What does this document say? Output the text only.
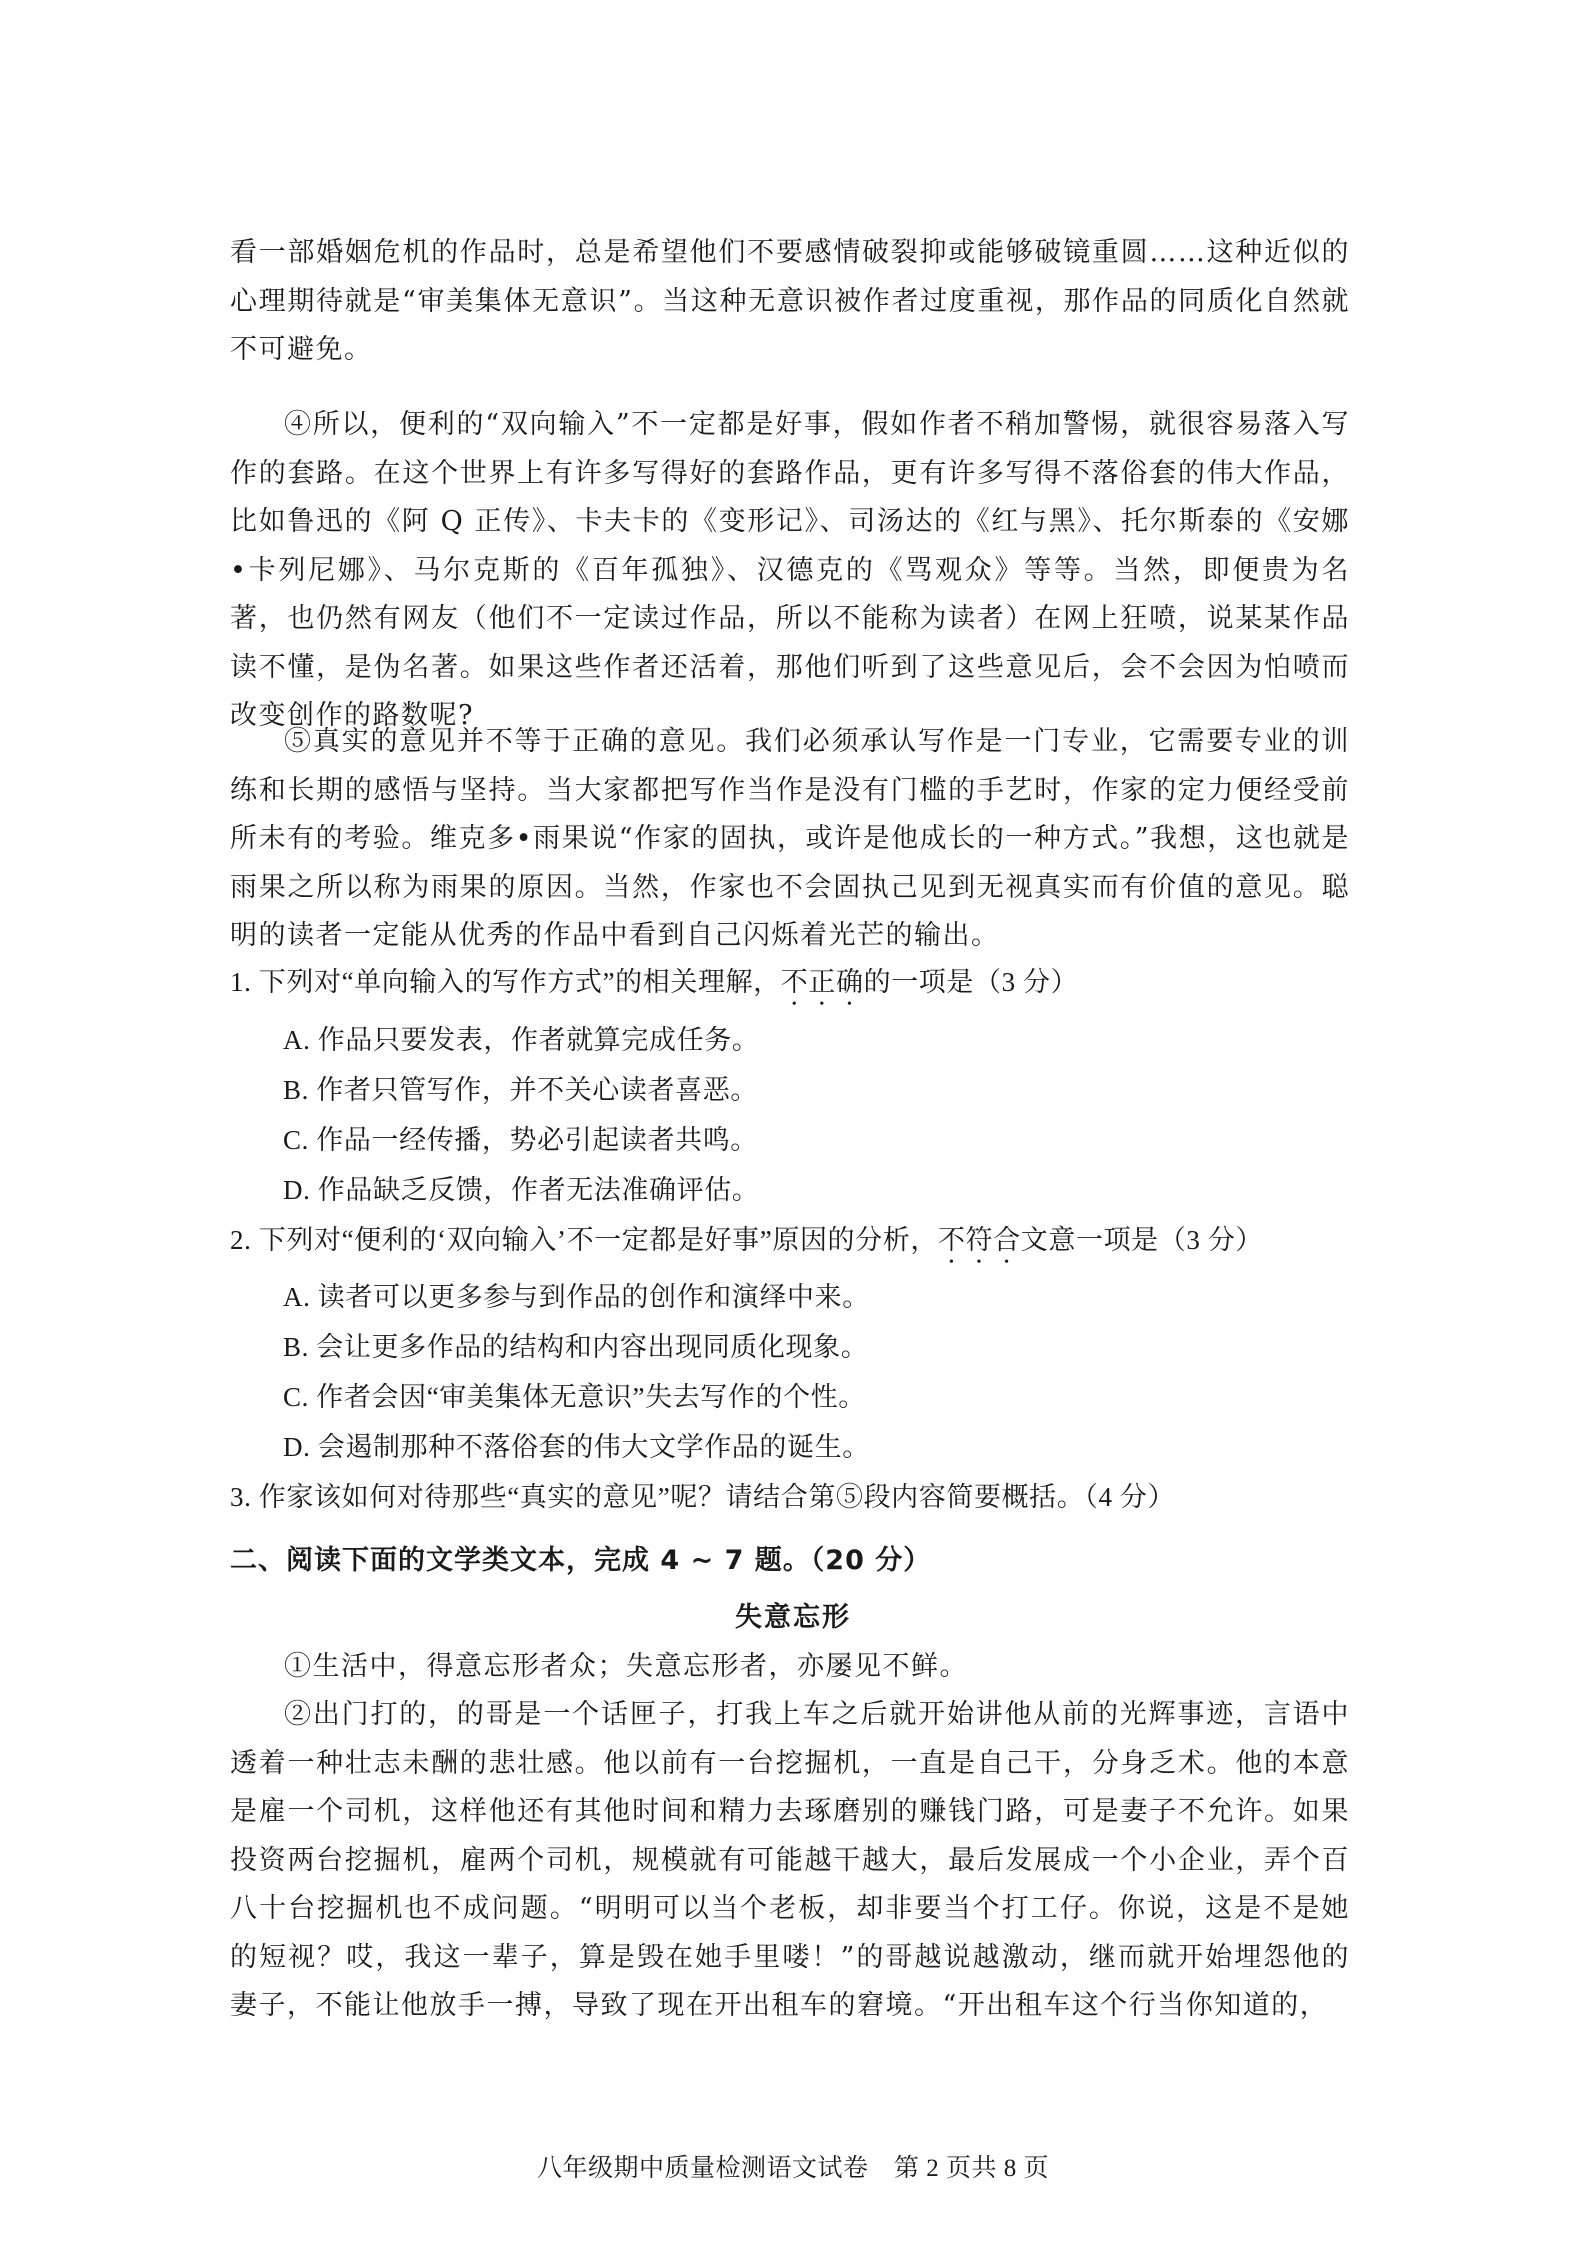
看一部婚姻危机的作品时，总是希望他们不要感情破裂抑或能够破镜重圆……这种近似的心理期待就是“审美集体无意识”。当这种无意识被作者过度重视，那作品的同质化自然就不可避免。
④所以，便利的“双向输入”不一定都是好事，假如作者不稍加警惕，就很容易落入写作的套路。在这个世界上有许多写得好的套路作品，更有许多写得不落俗套的伟大作品，比如鲁迅的《阿 Q 正传》、卡夫卡的《变形记》、司汤达的《红与黑》、托尔斯泰的《安娜•卡列尼娜》、马尔克斯的《百年孤独》、汉德克的《骂观众》等等。当然，即便贵为名著，也仍然有网友（他们不一定读过作品，所以不能称为读者）在网上狂喷，说某某作品读不懂，是伪名著。如果这些作者还活着，那他们听到了这些意见后，会不会因为怕喷而改变创作的路数呢?
⑤真实的意见并不等于正确的意见。我们必须承认写作是一门专业，它需要专业的训练和长期的感悟与坚持。当大家都把写作当作是没有门槛的手艺时，作家的定力便经受前所未有的考验。维克多•雨果说“作家的固执，或许是他成长的一种方式。”我想，这也就是雨果之所以称为雨果的原因。当然，作家也不会固执己见到无视真实而有价值的意见。聪明的读者一定能从优秀的作品中看到自己闪烁着光芒的输出。
1. 下列对“单向输入的写作方式”的相关理解，不正确的一项是（3 分）
A. 作品只要发表，作者就算完成任务。
B. 作者只管写作，并不关心读者喜恶。
C. 作品一经传播，势必引起读者共鸣。
D. 作品缺乏反馈，作者无法准确评估。
2. 下列对“便利的‘双向输入’不一定都是好事”原因的分析，不符合文意一项是（3 分）
A. 读者可以更多参与到作品的创作和演绎中来。
B. 会让更多作品的结构和内容出现同质化现象。
C. 作者会因“审美集体无意识”失去写作的个性。
D. 会遏制那种不落俗套的伟大文学作品的诞生。
3. 作家该如何对待那些“真实的意见”呢？请结合第⑤段内容简要概括。（4 分）
二、阅读下面的文学类文本，完成 4 ~ 7 题。（20 分）
失意忘形
①生活中，得意忘形者众；失意忘形者，亦屡见不鲜。
②出门打的，的哥是一个话匣子，打我上车之后就开始讲他从前的光辉事迹，言语中透着一种壮志未酬的悲壮感。他以前有一台挖掘机，一直是自己干，分身乏术。他的本意是雇一个司机，这样他还有其他时间和精力去琢磨别的赚钱门路，可是妻子不允许。如果投资两台挖掘机，雇两个司机，规模就有可能越干越大，最后发展成一个小企业，弄个百八十台挖掘机也不成问题。“明明可以当个老板，却非要当个打工仔。你说，这是不是她的短视？哎，我这一辈子，算是毁在她手里喽！”的哥越说越激动，继而就开始埋怨他的妻子，不能让他放手一搏，导致了现在开出租车的窘境。“开出租车这个行当你知道的，
八年级期中质量检测语文试卷　第 2 页共 8 页
